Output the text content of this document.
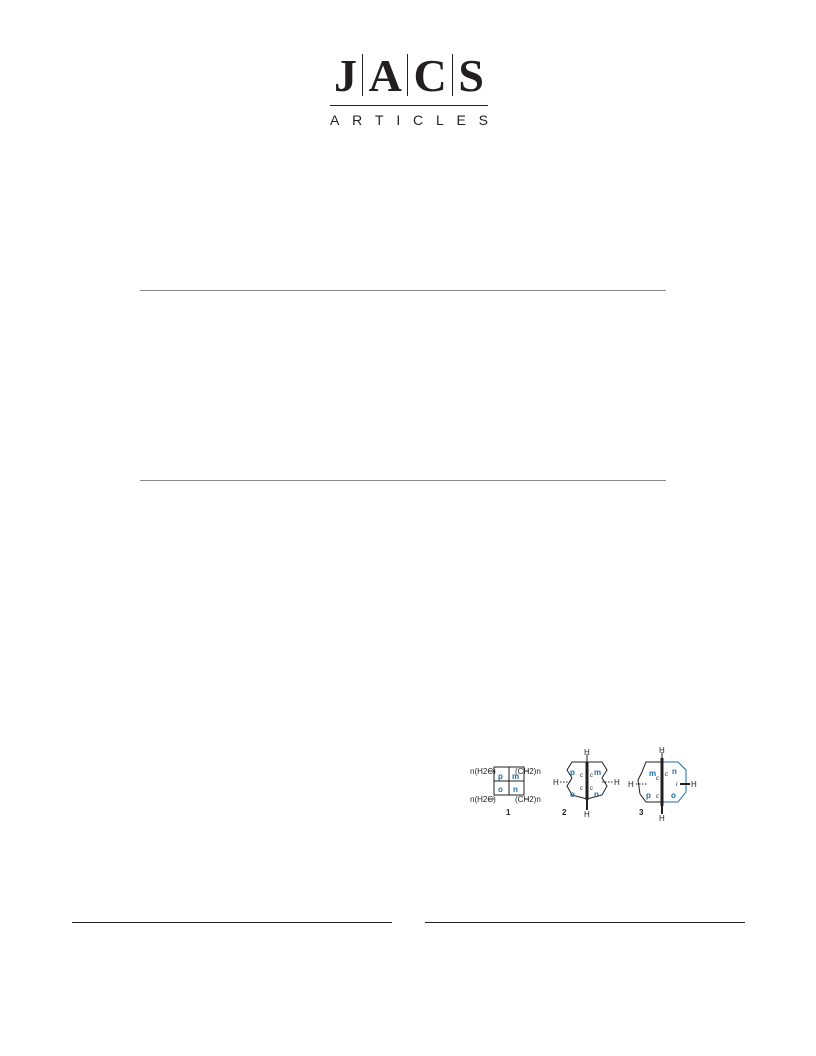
J A C S
A R T I C L E S
n(H2C) (CH2)n
n(H2C) (CH2)n
p m
o n
1
H
H
H	H
p m
o n
c c
c c
2
H
H
H	H
m n
p	o
c
c
c
i
3
